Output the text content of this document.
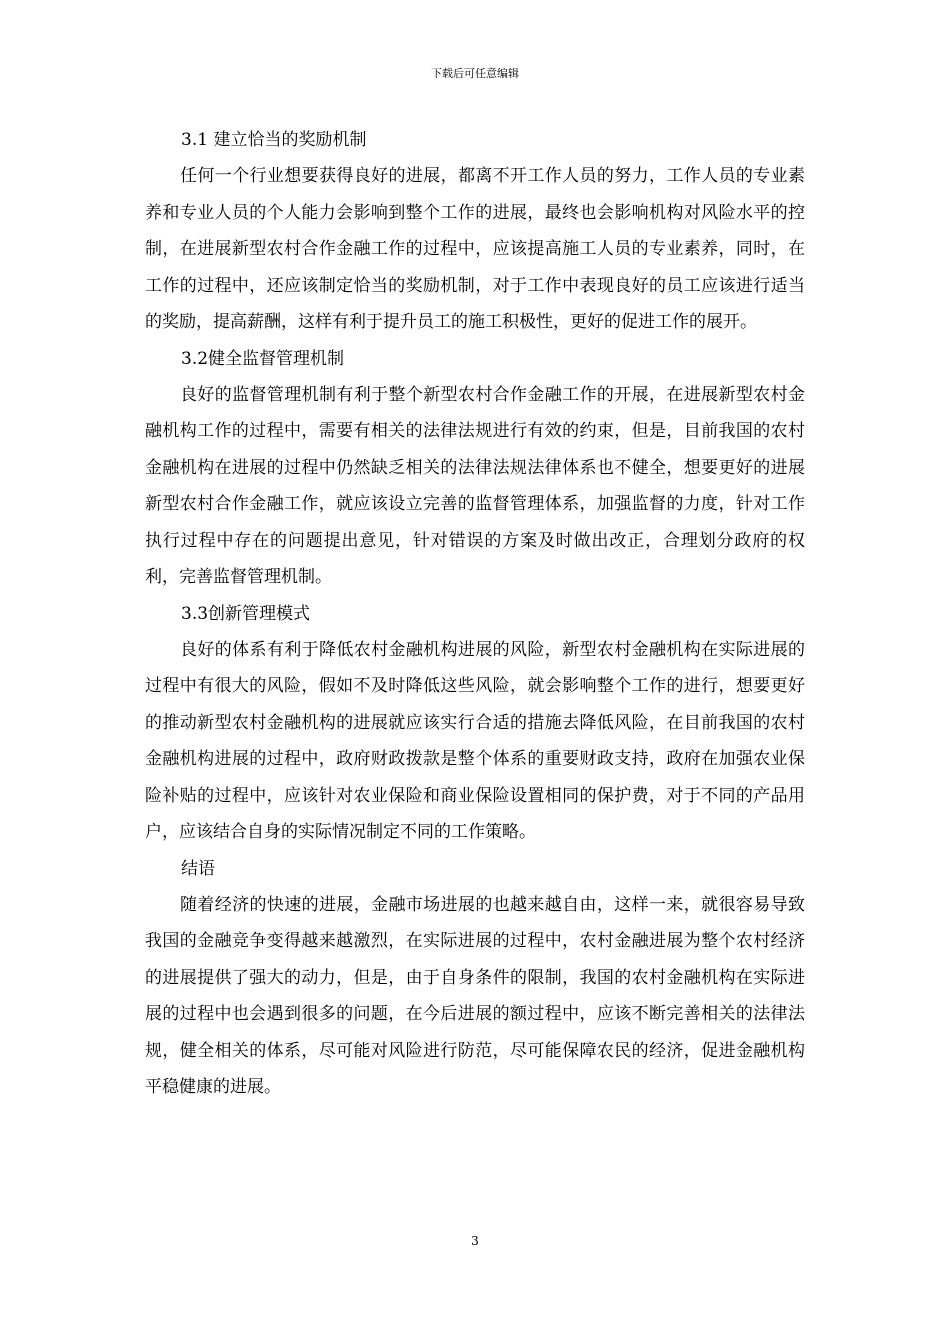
下载后可任意编辑
3.1 建立恰当的奖励机制

任何一个行业想要获得良好的进展，都离不开工作人员的努力，工作人员的专业素养和专业人员的个人能力会影响到整个工作的进展，最终也会影响机构对风险水平的控制，在进展新型农村合作金融工作的过程中，应该提高施工人员的专业素养，同时，在工作的过程中，还应该制定恰当的奖励机制，对于工作中表现良好的员工应该进行适当的奖励，提高薪酬，这样有利于提升员工的施工积极性，更好的促进工作的展开。

3.2健全监督管理机制

良好的监督管理机制有利于整个新型农村合作金融工作的开展，在进展新型农村金融机构工作的过程中，需要有相关的法律法规进行有效的约束，但是，目前我国的农村金融机构在进展的过程中仍然缺乏相关的法律法规法律体系也不健全，想要更好的进展新型农村合作金融工作，就应该设立完善的监督管理体系，加强监督的力度，针对工作执行过程中存在的问题提出意见，针对错误的方案及时做出改正，合理划分政府的权利，完善监督管理机制。

3.3创新管理模式

良好的体系有利于降低农村金融机构进展的风险，新型农村金融机构在实际进展的过程中有很大的风险，假如不及时降低这些风险，就会影响整个工作的进行，想要更好的推动新型农村金融机构的进展就应该实行合适的措施去降低风险，在目前我国的农村金融机构进展的过程中，政府财政拨款是整个体系的重要财政支持，政府在加强农业保险补贴的过程中，应该针对农业保险和商业保险设置相同的保护费，对于不同的产品用户，应该结合自身的实际情况制定不同的工作策略。

结语

随着经济的快速的进展，金融市场进展的也越来越自由，这样一来，就很容易导致我国的金融竞争变得越来越激烈，在实际进展的过程中，农村金融进展为整个农村经济的进展提供了强大的动力，但是，由于自身条件的限制，我国的农村金融机构在实际进展的过程中也会遇到很多的问题，在今后进展的额过程中，应该不断完善相关的法律法规，健全相关的体系，尽可能对风险进行防范，尽可能保障农民的经济，促进金融机构平稳健康的进展。

3
